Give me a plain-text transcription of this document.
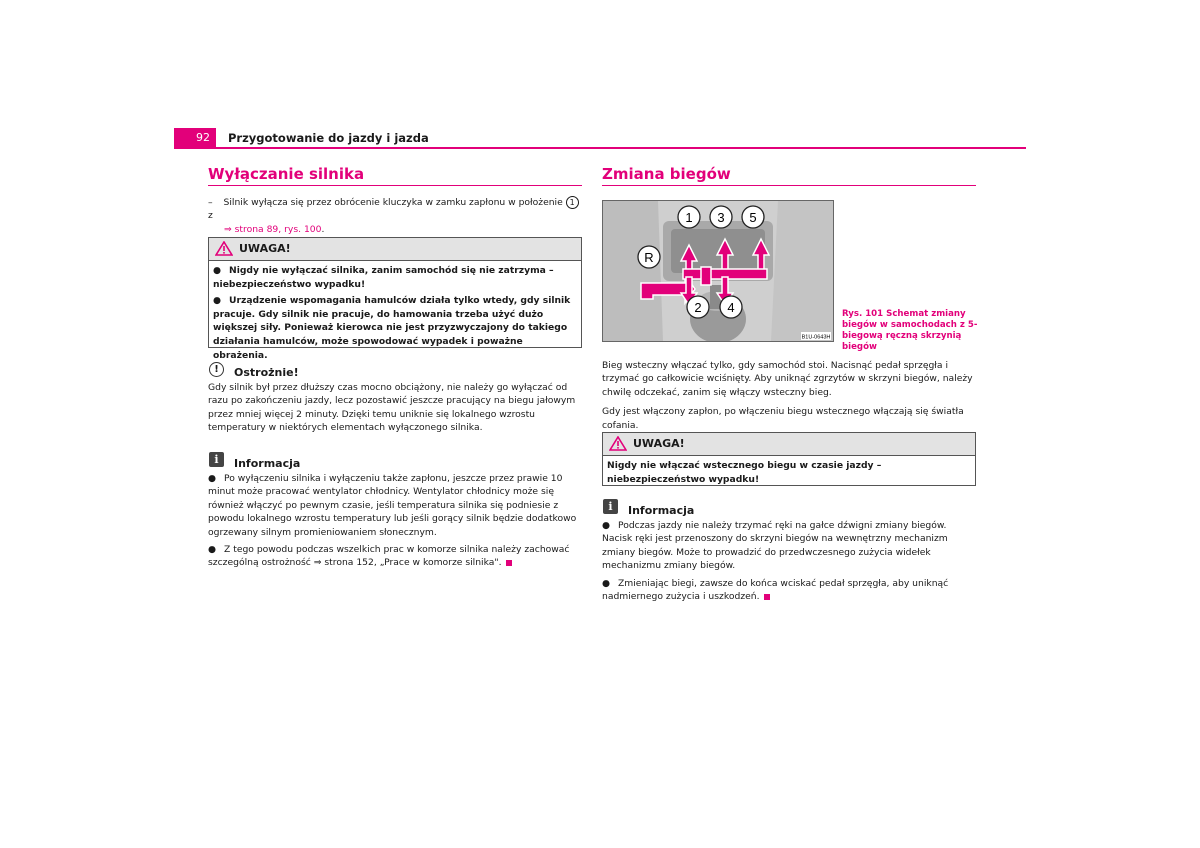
92	Przygotowanie do jazdy i jazda
Wyłączanie silnika
– Silnik wyłącza się przez obrócenie kluczyka w zamku zapłonu w położenie 1 z
⇒ strona 89, rys. 100.
UWAGA!

● Nigdy nie wyłączać silnika, zanim samochód się nie zatrzyma – niebezpieczeństwo wypadku!

● Urządzenie wspomagania hamulców działa tylko wtedy, gdy silnik pracuje. Gdy silnik nie pracuje, do hamowania trzeba użyć dużo większej siły. Ponieważ kierowca nie jest przyzwyczajony do takiego działania hamulców, może spowodować wypadek i poważne obrażenia.

!	Ostrożnie!
Gdy silnik był przez dłuższy czas mocno obciążony, nie należy go wyłączać od razu po zakończeniu jazdy, lecz pozostawić jeszcze pracujący na biegu jałowym przez mniej więcej 2 minuty. Dzięki temu uniknie się lokalnego wzrostu temperatury w niektórych elementach wyłączonego silnika.
i	Informacja

● Po wyłączeniu silnika i wyłączeniu także zapłonu, jeszcze przez prawie 10 minut może pracować wentylator chłodnicy. Wentylator chłodnicy może się również włączyć po pewnym czasie, jeśli temperatura silnika się podniesie z powodu lokalnego wzrostu temperatury lub jeśli gorący silnik będzie dodatkowo ogrzewany silnym promieniowaniem słonecznym.

● Z tego powodu podczas wszelkich prac w komorze silnika należy zachować szczególną ostrożność ⇒ strona 152, „Prace w komorze silnika".

Zmiana biegów
1 3 5
R
2 4
B1U-0643H
Rys. 101 Schemat zmiany biegów w samochodach z 5-biegową ręczną skrzynią biegów

Bieg wsteczny włączać tylko, gdy samochód stoi. Nacisnąć pedał sprzęgła i trzymać go całkowicie wciśnięty. Aby uniknąć zgrzytów w skrzyni biegów, należy chwilę odczekać, zanim się włączy wsteczny bieg.

Gdy jest włączony zapłon, po włączeniu biegu wstecznego włączają się światła cofania.

UWAGA!
Nigdy nie włączać wstecznego biegu w czasie jazdy – niebezpieczeństwo wypadku!
i	Informacja

● Podczas jazdy nie należy trzymać ręki na gałce dźwigni zmiany biegów. Nacisk ręki jest przenoszony do skrzyni biegów na wewnętrzny mechanizm zmiany biegów. Może to prowadzić do przedwczesnego zużycia widełek mechanizmu zmiany biegów.

● Zmieniając biegi, zawsze do końca wciskać pedał sprzęgła, aby uniknąć nadmiernego zużycia i uszkodzeń.
